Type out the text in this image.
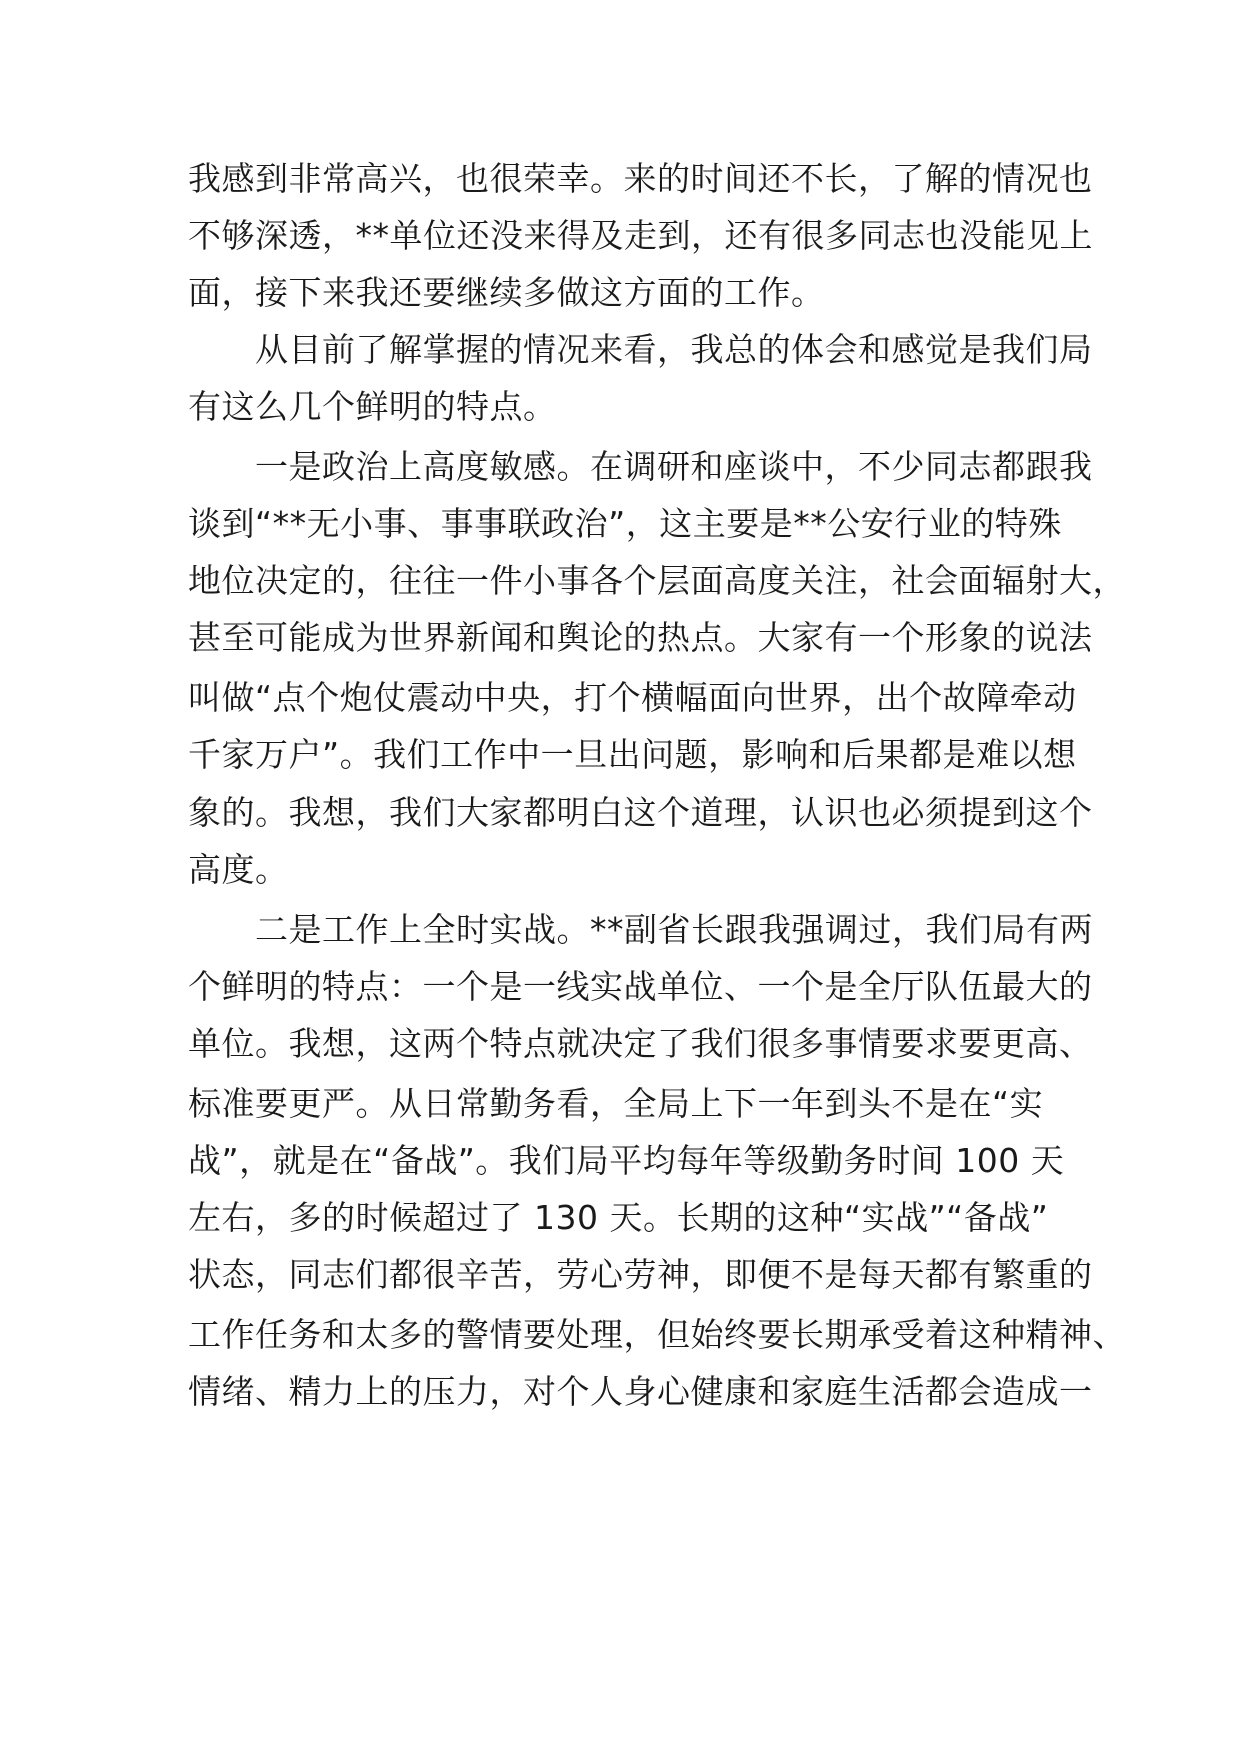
我感到非常高兴，也很荣幸。来的时间还不长，了解的情况也

不够深透，**单位还没来得及走到，还有很多同志也没能见上

面，接下来我还要继续多做这方面的工作。

　　从目前了解掌握的情况来看，我总的体会和感觉是我们局

有这么几个鲜明的特点。

　　一是政治上高度敏感。在调研和座谈中，不少同志都跟我

谈到“**无小事、事事联政治”，这主要是**公安行业的特殊

地位决定的，往往一件小事各个层面高度关注，社会面辐射大，

甚至可能成为世界新闻和舆论的热点。大家有一个形象的说法

叫做“点个炮仗震动中央，打个横幅面向世界，出个故障牵动

千家万户”。我们工作中一旦出问题，影响和后果都是难以想

象的。我想，我们大家都明白这个道理，认识也必须提到这个

高度。

　　二是工作上全时实战。**副省长跟我强调过，我们局有两

个鲜明的特点：一个是一线实战单位、一个是全厅队伍最大的

单位。我想，这两个特点就决定了我们很多事情要求要更高、

标准要更严。从日常勤务看，全局上下一年到头不是在“实

战”，就是在“备战”。我们局平均每年等级勤务时间 100 天

左右，多的时候超过了 130 天。长期的这种“实战”“备战”

状态，同志们都很辛苦，劳心劳神，即便不是每天都有繁重的

工作任务和太多的警情要处理，但始终要长期承受着这种精神、

情绪、精力上的压力，对个人身心健康和家庭生活都会造成一
